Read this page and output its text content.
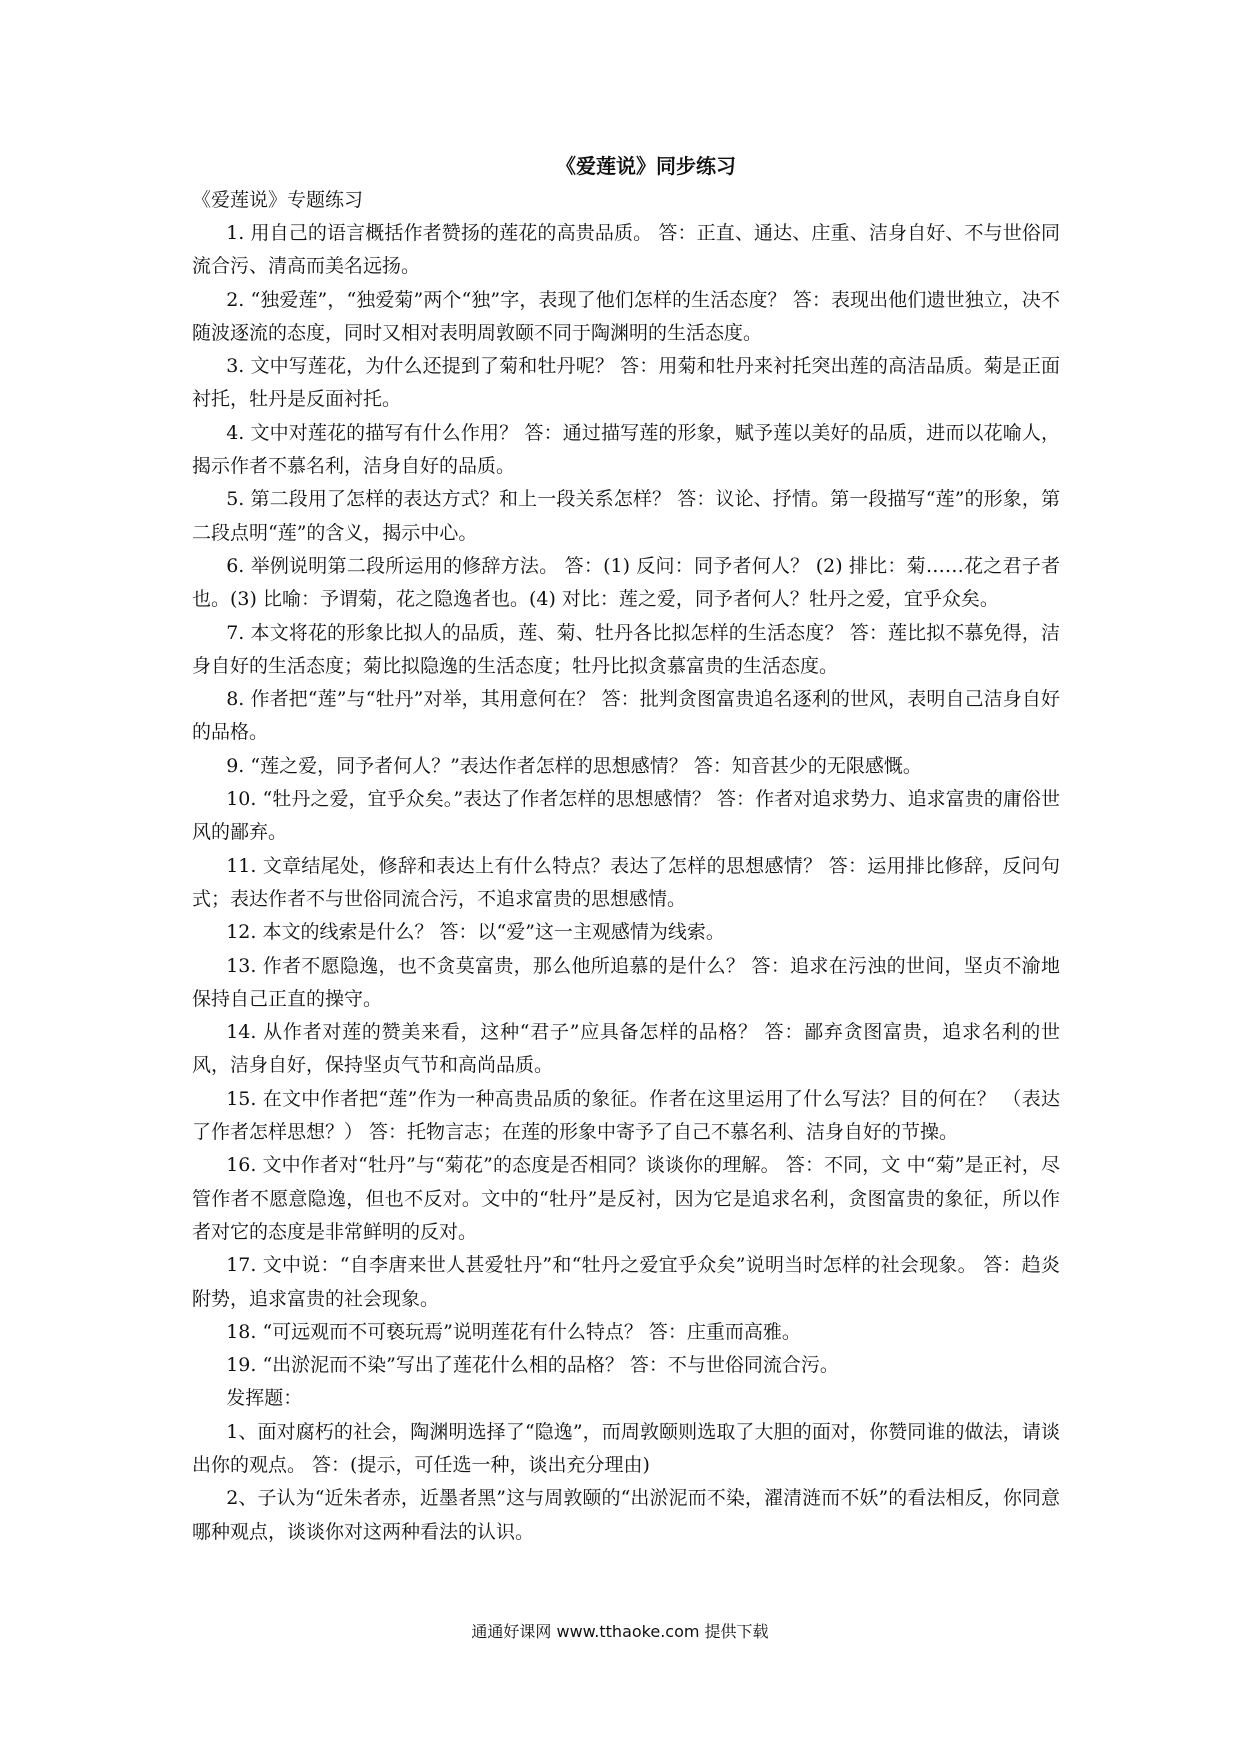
《爱莲说》同步练习

《爱莲说》专题练习

1. 用自己的语言概括作者赞扬的莲花的高贵品质。 答：正直、通达、庄重、洁身自好、不与世俗同流合污、清高而美名远扬。

2. “独爱莲”，“独爱菊”两个“独”字，表现了他们怎样的生活态度？ 答：表现出他们遗世独立，决不随波逐流的态度，同时又相对表明周敦颐不同于陶渊明的生活态度。

3. 文中写莲花，为什么还提到了菊和牡丹呢？ 答：用菊和牡丹来衬托突出莲的高洁品质。菊是正面衬托，牡丹是反面衬托。

4. 文中对莲花的描写有什么作用？ 答：通过描写莲的形象，赋予莲以美好的品质，进而以花喻人，揭示作者不慕名利，洁身自好的品质。

5. 第二段用了怎样的表达方式？和上一段关系怎样？ 答：议论、抒情。第一段描写“莲”的形象，第二段点明“莲”的含义，揭示中心。

6. 举例说明第二段所运用的修辞方法。 答：(1) 反问：同予者何人？ (2) 排比：菊……花之君子者也。(3) 比喻：予谓菊，花之隐逸者也。(4) 对比：莲之爱，同予者何人？牡丹之爱，宜乎众矣。

7. 本文将花的形象比拟人的品质，莲、菊、牡丹各比拟怎样的生活态度？ 答：莲比拟不慕免得，洁身自好的生活态度；菊比拟隐逸的生活态度；牡丹比拟贪慕富贵的生活态度。

8. 作者把“莲”与“牡丹”对举，其用意何在？ 答：批判贪图富贵追名逐利的世风，表明自己洁身自好的品格。

9. “莲之爱，同予者何人？”表达作者怎样的思想感情？ 答：知音甚少的无限感慨。

10. “牡丹之爱，宜乎众矣。”表达了作者怎样的思想感情？ 答：作者对追求势力、追求富贵的庸俗世风的鄙弃。

11. 文章结尾处，修辞和表达上有什么特点？表达了怎样的思想感情？ 答：运用排比修辞，反问句式；表达作者不与世俗同流合污，不追求富贵的思想感情。

12. 本文的线索是什么？ 答：以“爱”这一主观感情为线索。

13. 作者不愿隐逸，也不贪莫富贵，那么他所追慕的是什么？ 答：追求在污浊的世间，坚贞不渝地保持自己正直的操守。

14. 从作者对莲的赞美来看，这种“君子”应具备怎样的品格？ 答：鄙弃贪图富贵，追求名利的世风，洁身自好，保持坚贞气节和高尚品质。

15. 在文中作者把“莲”作为一种高贵品质的象征。作者在这里运用了什么写法？目的何在？ （表达了作者怎样思想？） 答：托物言志；在莲的形象中寄予了自己不慕名利、洁身自好的节操。

16. 文中作者对“牡丹”与“菊花”的态度是否相同？谈谈你的理解。 答：不同，文 中“菊”是正衬，尽管作者不愿意隐逸，但也不反对。文中的“牡丹”是反衬，因为它是追求名利，贪图富贵的象征，所以作者对它的态度是非常鲜明的反对。

17. 文中说：“自李唐来世人甚爱牡丹”和“牡丹之爱宜乎众矣”说明当时怎样的社会现象。 答：趋炎附势，追求富贵的社会现象。

18. “可远观而不可亵玩焉”说明莲花有什么特点？ 答：庄重而高雅。

19. “出淤泥而不染”写出了莲花什么相的品格？ 答：不与世俗同流合污。

发挥题：

1、面对腐朽的社会，陶渊明选择了“隐逸”，而周敦颐则选取了大胆的面对，你赞同谁的做法，请谈出你的观点。 答：(提示，可任选一种，谈出充分理由)

2、子认为“近朱者赤，近墨者黑”这与周敦颐的“出淤泥而不染，濯清涟而不妖”的看法相反，你同意哪种观点，谈谈你对这两种看法的认识。

通通好课网 www.tthaoke.com 提供下载
